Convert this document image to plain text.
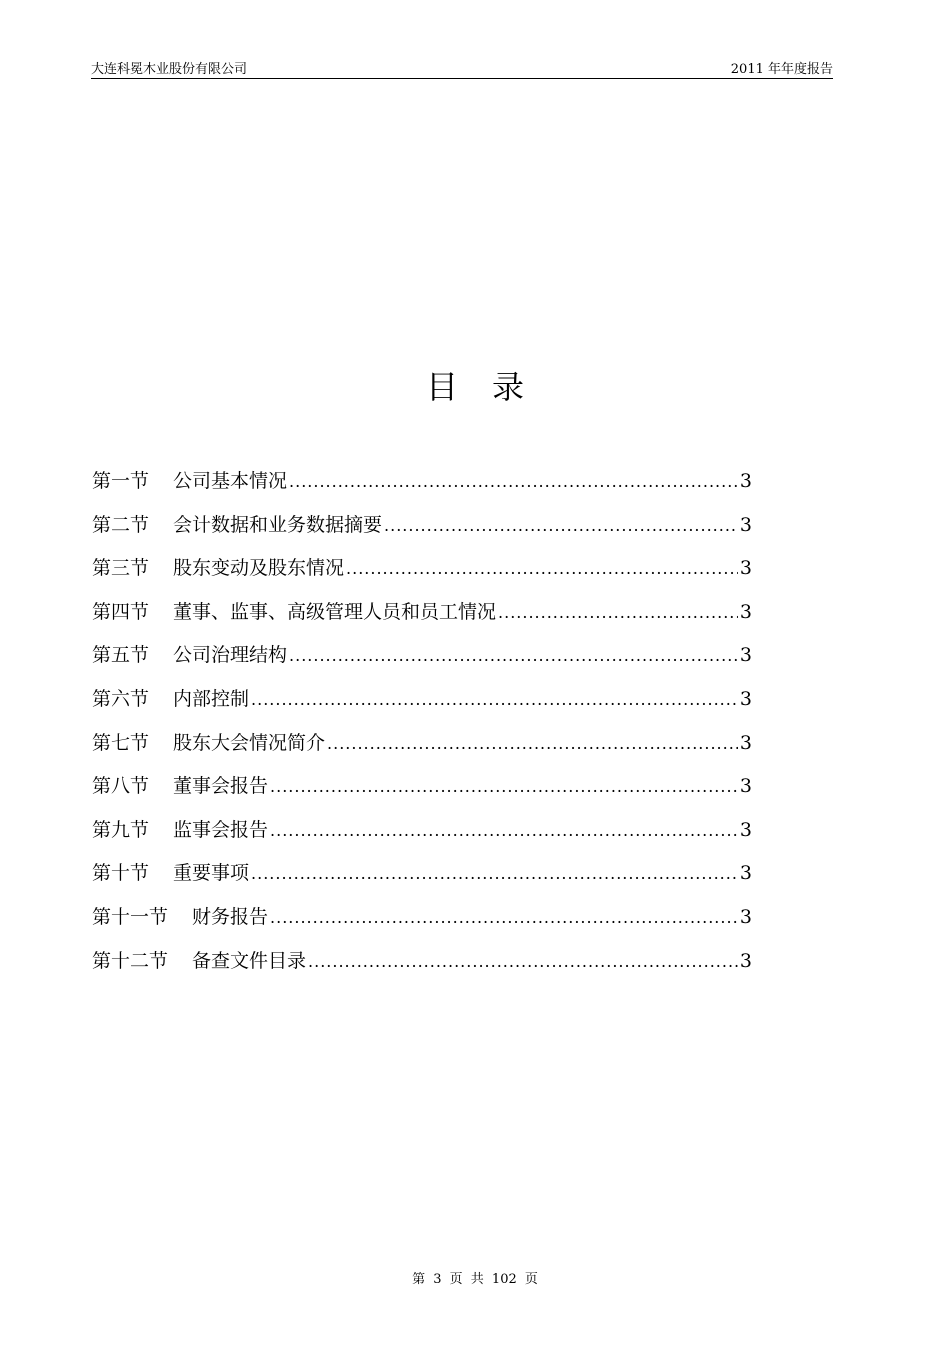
大连科冕木业股份有限公司	2011 年年度报告
目录
第一节 公司基本情况 .....	3
第二节 会计数据和业务数据摘要 .....	3
第三节 股东变动及股东情况 .....	3
第四节 董事、监事、高级管理人员和员工情况 .....	3
第五节 公司治理结构 .....	3
第六节 内部控制 .....	3
第七节 股东大会情况简介 .....	3
第八节 董事会报告 .....	3
第九节 监事会报告 .....	3
第十节 重要事项 .....	3
第十一节 财务报告 .....	3
第十二节 备查文件目录 .....	3
第 3 页 共 102 页
